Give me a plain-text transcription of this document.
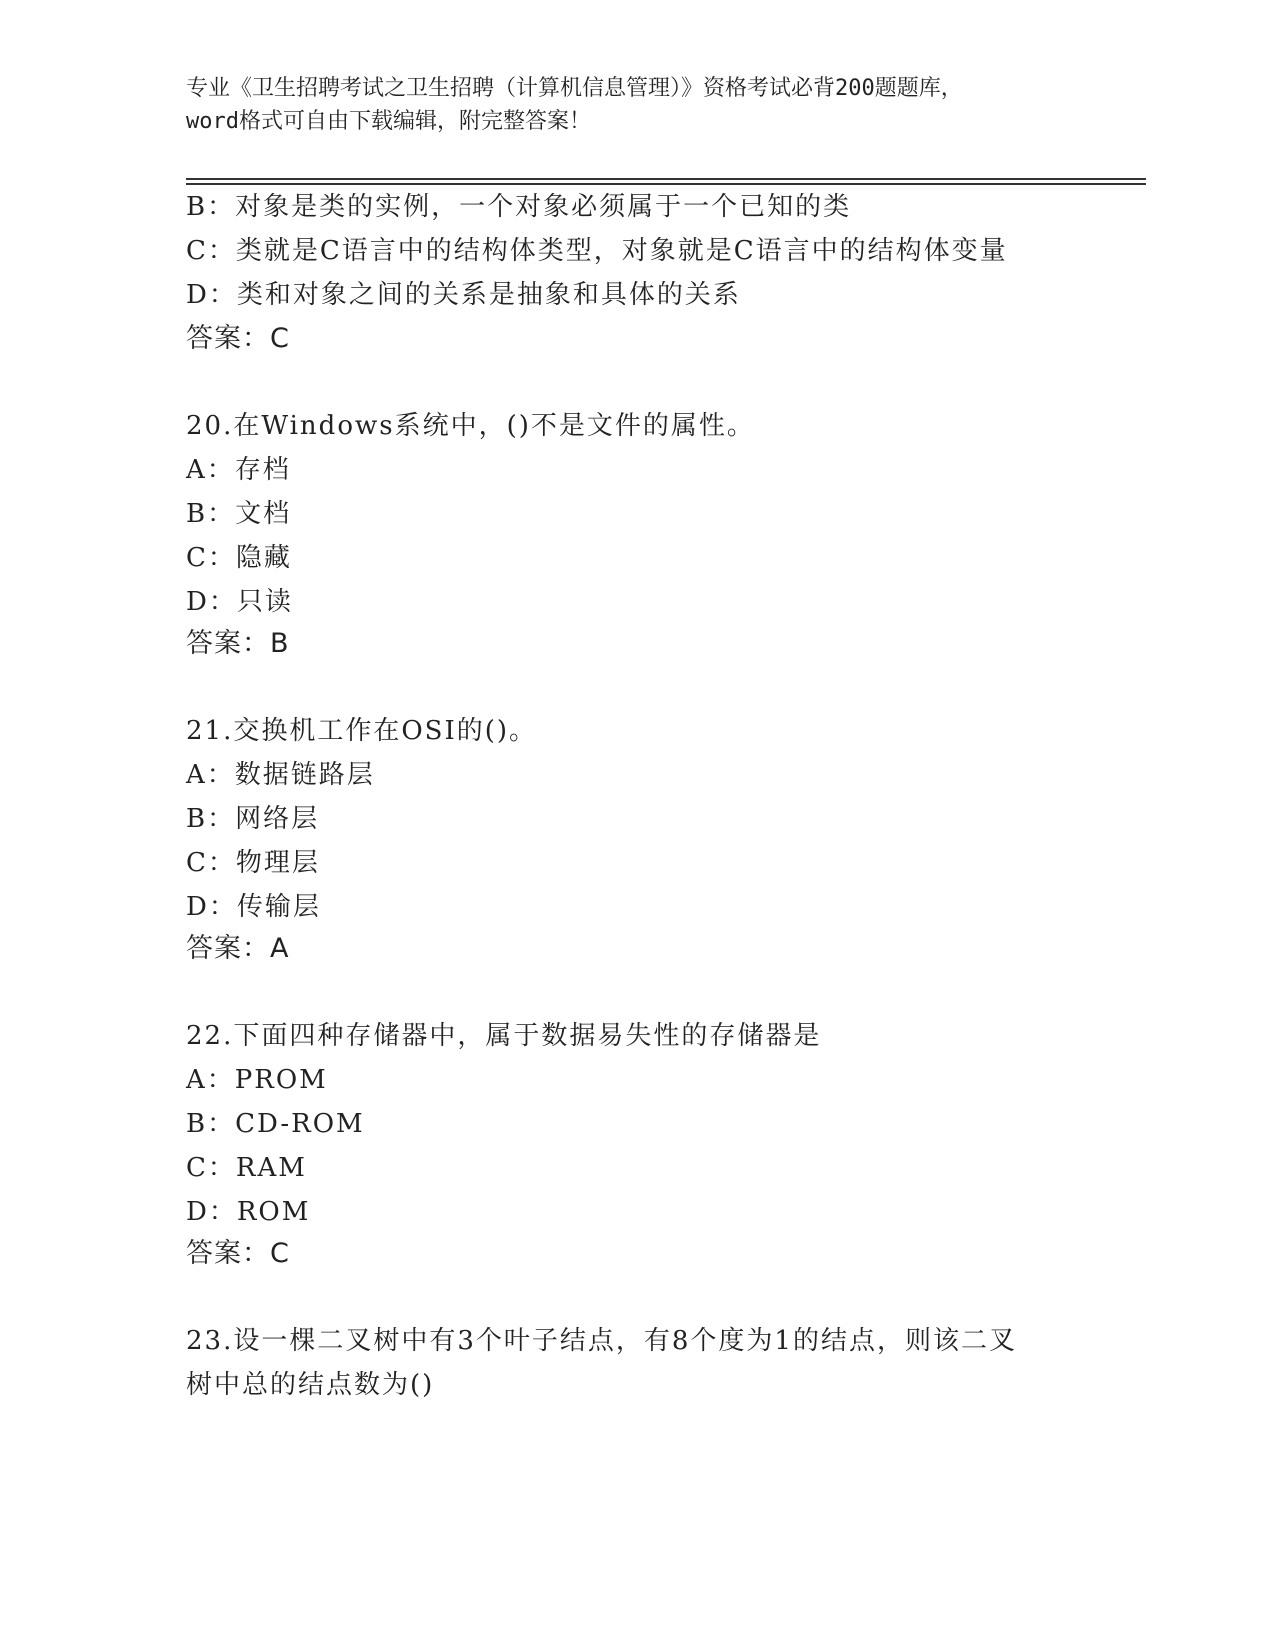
专业《卫生招聘考试之卫生招聘（计算机信息管理）》资格考试必背200题题库，
word格式可自由下载编辑，附完整答案！
B：对象是类的实例，一个对象必须属于一个已知的类
C：类就是C语言中的结构体类型，对象就是C语言中的结构体变量
D：类和对象之间的关系是抽象和具体的关系
答案：C
20.在Windows系统中，()不是文件的属性。
A：存档
B：文档
C：隐藏
D：只读
答案：B
21.交换机工作在OSI的()。
A：数据链路层
B：网络层
C：物理层
D：传输层
答案：A
22.下面四种存储器中，属于数据易失性的存储器是
A：PROM
B：CD-ROM
C：RAM
D：ROM
答案：C
23.设一棵二叉树中有3个叶子结点，有8个度为1的结点，则该二叉
树中总的结点数为()
